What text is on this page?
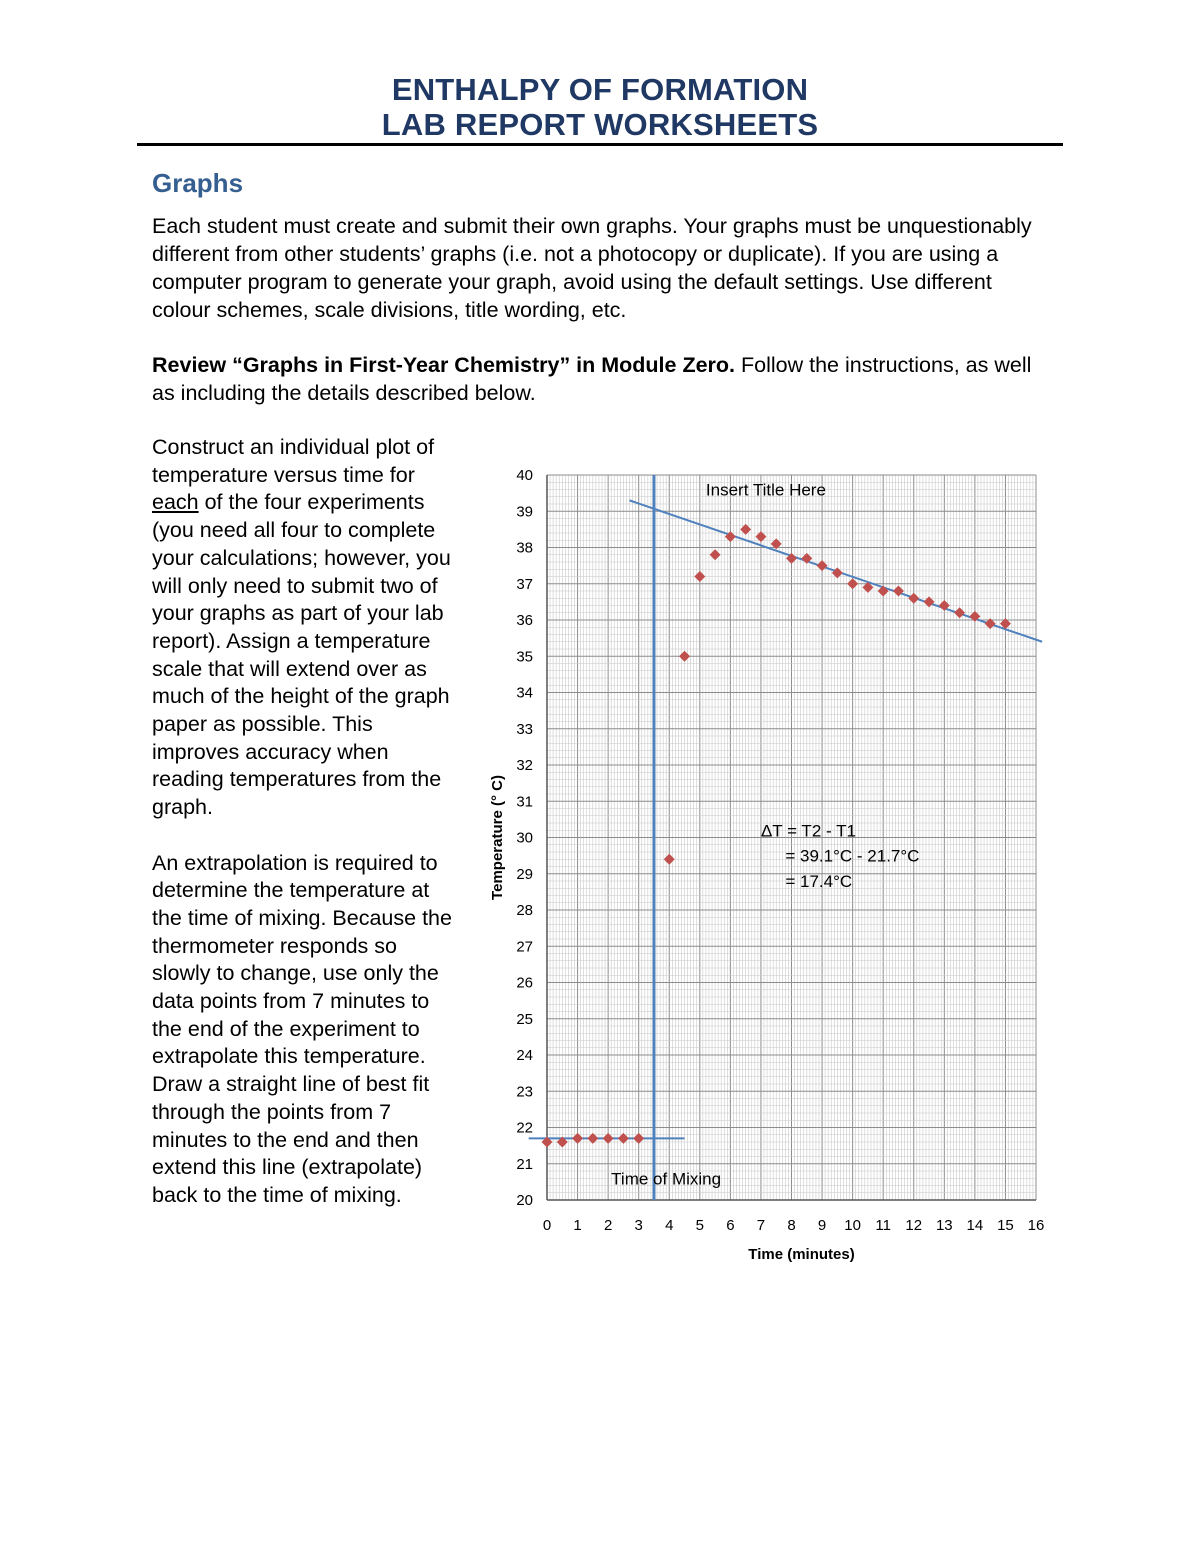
ENTHALPY OF FORMATION
LAB REPORT WORKSHEETS
Graphs
Each student must create and submit their own graphs. Your graphs must be unquestionably different from other students’ graphs (i.e. not a photocopy or duplicate). If you are using a computer program to generate your graph, avoid using the default settings. Use different colour schemes, scale divisions, title wording, etc.
Review “Graphs in First-Year Chemistry” in Module Zero. Follow the instructions, as well as including the details described below.

Construct an individual plot of temperature versus time for each of the four experiments (you need all four to complete your calculations; however, you will only need to submit two of your graphs as part of your lab report). Assign a temperature scale that will extend over as much of the height of the graph paper as possible. This improves accuracy when reading temperatures from the graph.

An extrapolation is required to determine the temperature at the time of mixing. Because the thermometer responds so slowly to change, use only the data points from 7 minutes to the end of the experiment to extrapolate this temperature. Draw a straight line of best fit through the points from 7 minutes to the end and then extend this line (extrapolate) back to the time of mixing.

0 1 2 3 4 5 6 7 8 9 10 11 12 13 14 15 16
20
21
22
23
24
25
26
27
28
29
30
31
32
33
34
35
36
37
38
39
40
Insert Title Here
Time of Mixing
ΔT = T2 - T1
= 39.1°C - 21.7°C
= 17.4°C
Time (minutes)
Temperature (° C)
